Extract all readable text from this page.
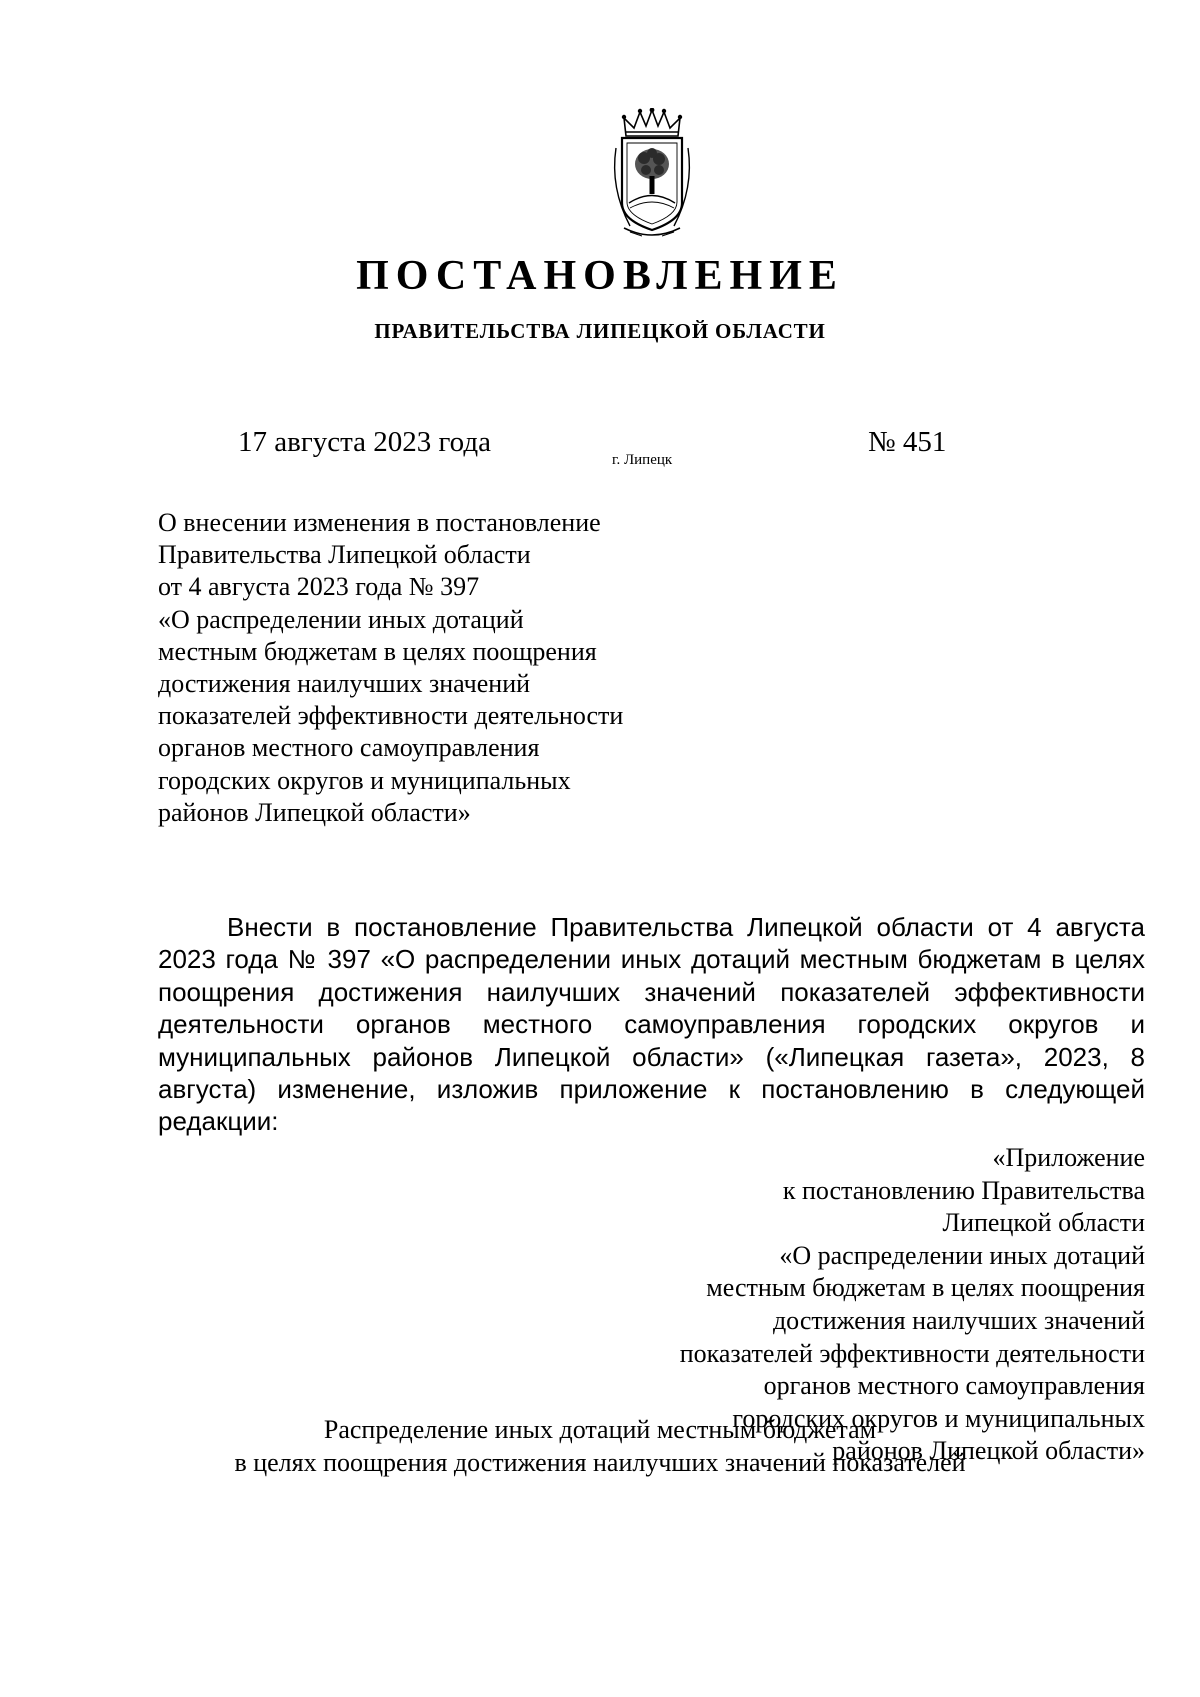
ПОСТАНОВЛЕНИЕ
ПРАВИТЕЛЬСТВА ЛИПЕЦКОЙ ОБЛАСТИ
17 августа 2023 года
г. Липецк
№ 451
О внесении изменения в постановление
Правительства Липецкой области
от 4 августа 2023 года № 397
«О распределении иных дотаций
местным бюджетам в целях поощрения
достижения наилучших значений
показателей эффективности деятельности
органов местного самоуправления
городских округов и муниципальных
районов Липецкой области»
Внести в постановление Правительства Липецкой области от 4 августа
2023 года № 397 «О распределении иных дотаций местным бюджетам в целях
поощрения достижения наилучших значений показателей эффективности
деятельности органов местного самоуправления городских округов и
муниципальных районов Липецкой области» («Липецкая газета», 2023, 8
августа) изменение, изложив приложение к постановлению в следующей
редакции:
«Приложение
к постановлению Правительства
Липецкой области
«О распределении иных дотаций
местным бюджетам в целях поощрения
достижения наилучших значений
показателей эффективности деятельности
органов местного самоуправления
городских округов и муниципальных
районов Липецкой области»
Распределение иных дотаций местным бюджетам
в целях поощрения достижения наилучших значений показателей
